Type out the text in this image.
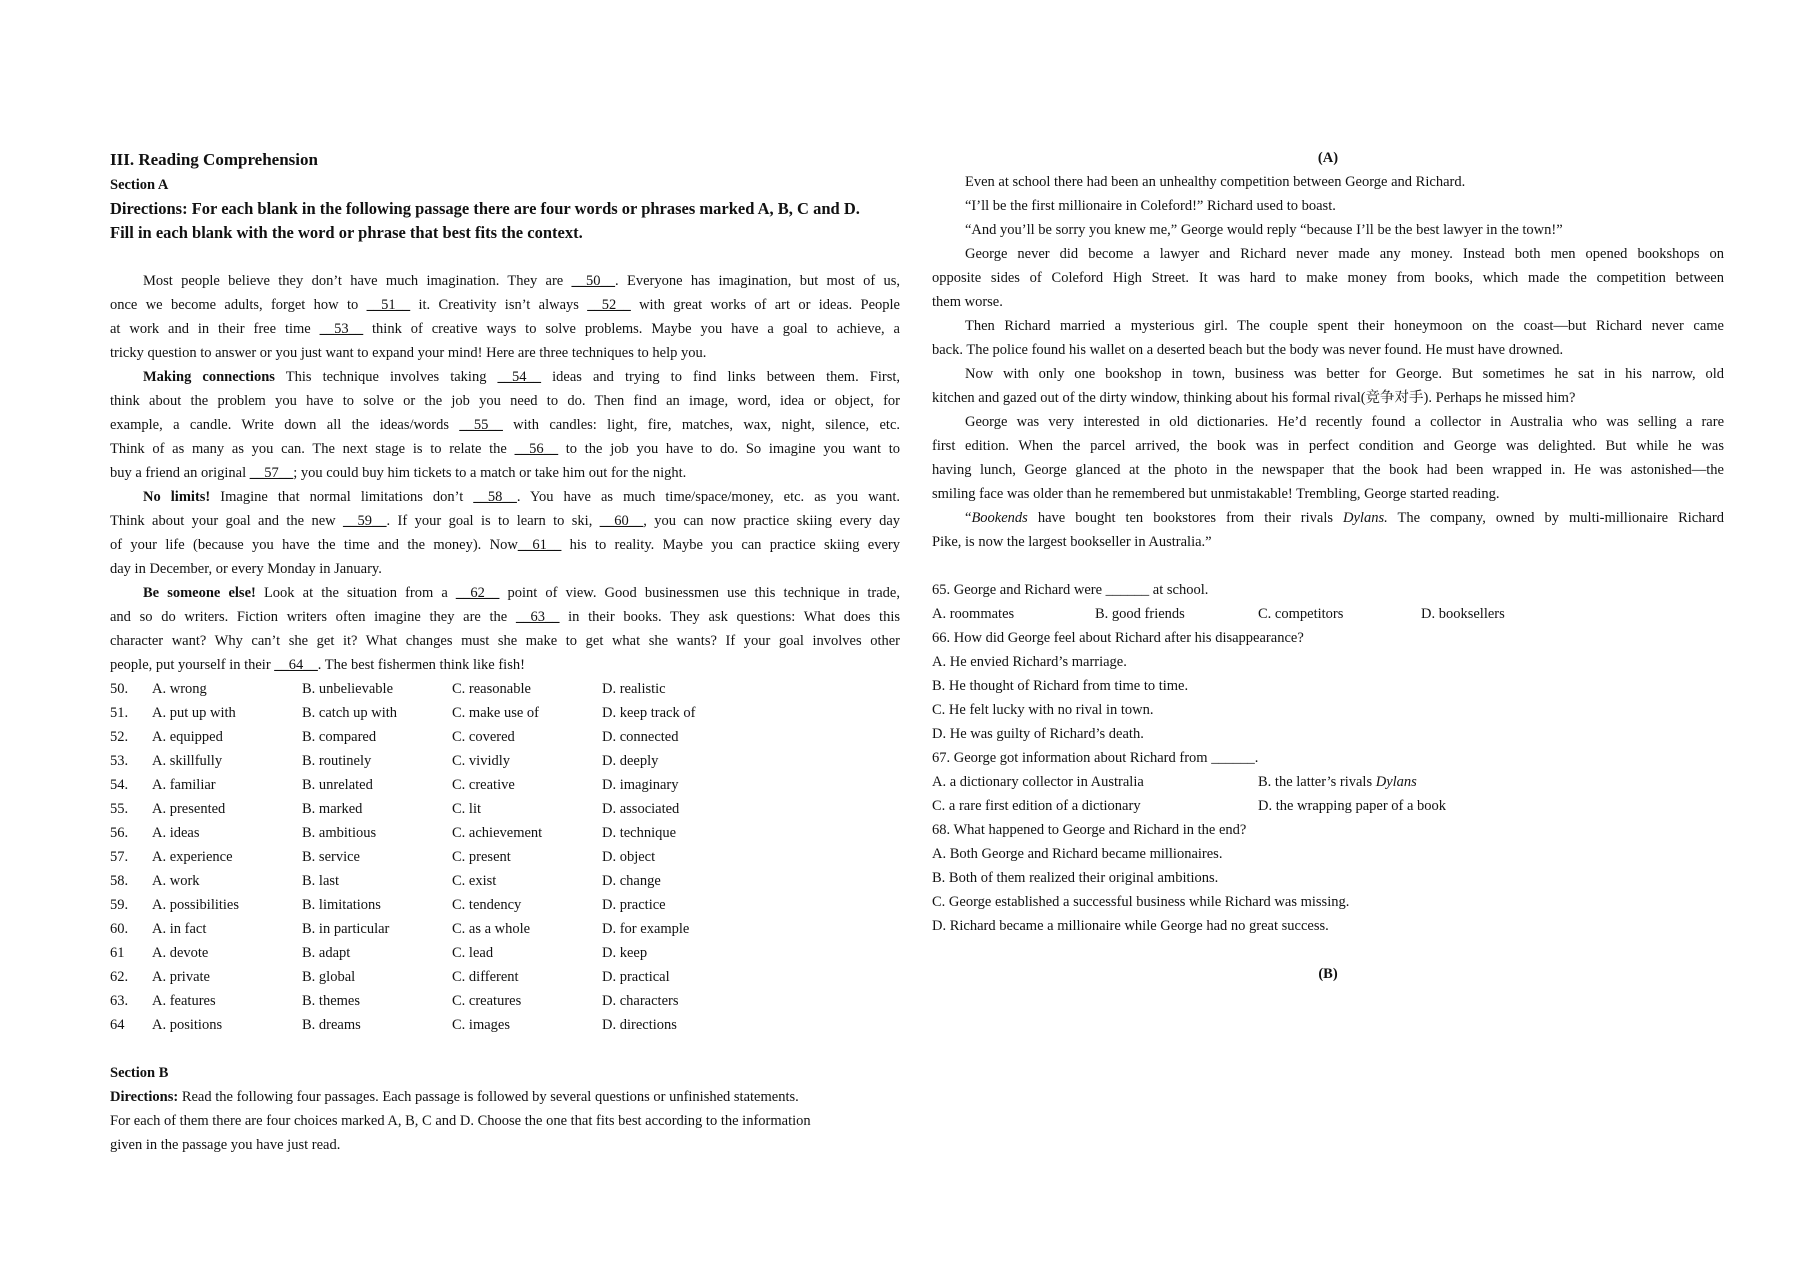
III. Reading Comprehension
Section A
Directions: For each blank in the following passage there are four words or phrases marked A, B, C and D.
Fill in each blank with the word or phrase that best fits the context.
Most people believe they don’t have much imagination. They are __50__. Everyone has imagination, but most of us,
once we become adults, forget how to __51__ it. Creativity isn’t always __52__ with great works of art or ideas. People
at work and in their free time __53__ think of creative ways to solve problems. Maybe you have a goal to achieve, a
tricky question to answer or you just want to expand your mind! Here are three techniques to help you.
Making connections This technique involves taking __54__ ideas and trying to find links between them. First,
think about the problem you have to solve or the job you need to do. Then find an image, word, idea or object, for
example, a candle. Write down all the ideas/words __55__ with candles: light, fire, matches, wax, night, silence, etc.
Think of as many as you can. The next stage is to relate the __56__ to the job you have to do. So imagine you want to
buy a friend an original __57__; you could buy him tickets to a match or take him out for the night.
No limits! Imagine that normal limitations don’t __58__. You have as much time/space/money, etc. as you want.
Think about your goal and the new __59__. If your goal is to learn to ski, __60__, you can now practice skiing every day
of your life (because you have the time and the money). Now__61__ his to reality. Maybe you can practice skiing every
day in December, or every Monday in January.
Be someone else! Look at the situation from a __62__ point of view. Good businessmen use this technique in trade,
and so do writers. Fiction writers often imagine they are the __63__ in their books. They ask questions: What does this
character want? Why can’t she get it? What changes must she make to get what she wants? If your goal involves other
people, put yourself in their __64__. The best fishermen think like fish!
50. A. wrong	B. unbelievable	C. reasonable	D. realistic
51. A. put up with	B. catch up with	C. make use of	D. keep track of
52. A. equipped	B. compared	C. covered	D. connected
53. A. skillfully	B. routinely	C. vividly	D. deeply
54. A. familiar	B. unrelated	C. creative	D. imaginary
55. A. presented	B. marked	C. lit	D. associated
56. A. ideas	B. ambitious	C. achievement	D. technique
57. A. experience	B. service	C. present	D. object
58. A. work	B. last	C. exist	D. change
59. A. possibilities	B. limitations	C. tendency	D. practice
60. A. in fact	B. in particular	C. as a whole	D. for example
61 A. devote	B. adapt	C. lead	D. keep
62. A. private	B. global	C. different	D. practical
63. A. features	B. themes	C. creatures	D. characters
64 A. positions	B. dreams	C. images	D. directions
Section B
Directions: Read the following four passages. Each passage is followed by several questions or unfinished statements.
For each of them there are four choices marked A, B, C and D. Choose the one that fits best according to the information
given in the passage you have just read.
(A)
Even at school there had been an unhealthy competition between George and Richard.
“I’ll be the first millionaire in Coleford!” Richard used to boast.
“And you’ll be sorry you knew me,” George would reply “because I’ll be the best lawyer in the town!”
George never did become a lawyer and Richard never made any money. Instead both men opened bookshops on
opposite sides of Coleford High Street. It was hard to make money from books, which made the competition between
them worse.
Then Richard married a mysterious girl. The couple spent their honeymoon on the coast—but Richard never came
back. The police found his wallet on a deserted beach but the body was never found. He must have drowned.
Now with only one bookshop in town, business was better for George. But sometimes he sat in his narrow, old
kitchen and gazed out of the dirty window, thinking about his formal rival(竞争对手). Perhaps he missed him?
George was very interested in old dictionaries. He’d recently found a collector in Australia who was selling a rare
first edition. When the parcel arrived, the book was in perfect condition and George was delighted. But while he was
having lunch, George glanced at the photo in the newspaper that the book had been wrapped in. He was astonished—the
smiling face was older than he remembered but unmistakable! Trembling, George started reading.
“Bookends have bought ten bookstores from their rivals Dylans. The company, owned by multi-millionaire Richard
Pike, is now the largest bookseller in Australia.”
65. George and Richard were ______ at school.
A. roommates	B. good friends	C. competitors	D. booksellers
66. How did George feel about Richard after his disappearance?
A. He envied Richard’s marriage.
B. He thought of Richard from time to time.
C. He felt lucky with no rival in town.
D. He was guilty of Richard’s death.
67. George got information about Richard from ______.
A. a dictionary collector in Australia	B. the latter’s rivals Dylans
C. a rare first edition of a dictionary	D. the wrapping paper of a book
68. What happened to George and Richard in the end?
A. Both George and Richard became millionaires.
B. Both of them realized their original ambitions.
C. George established a successful business while Richard was missing.
D. Richard became a millionaire while George had no great success.
(B)
